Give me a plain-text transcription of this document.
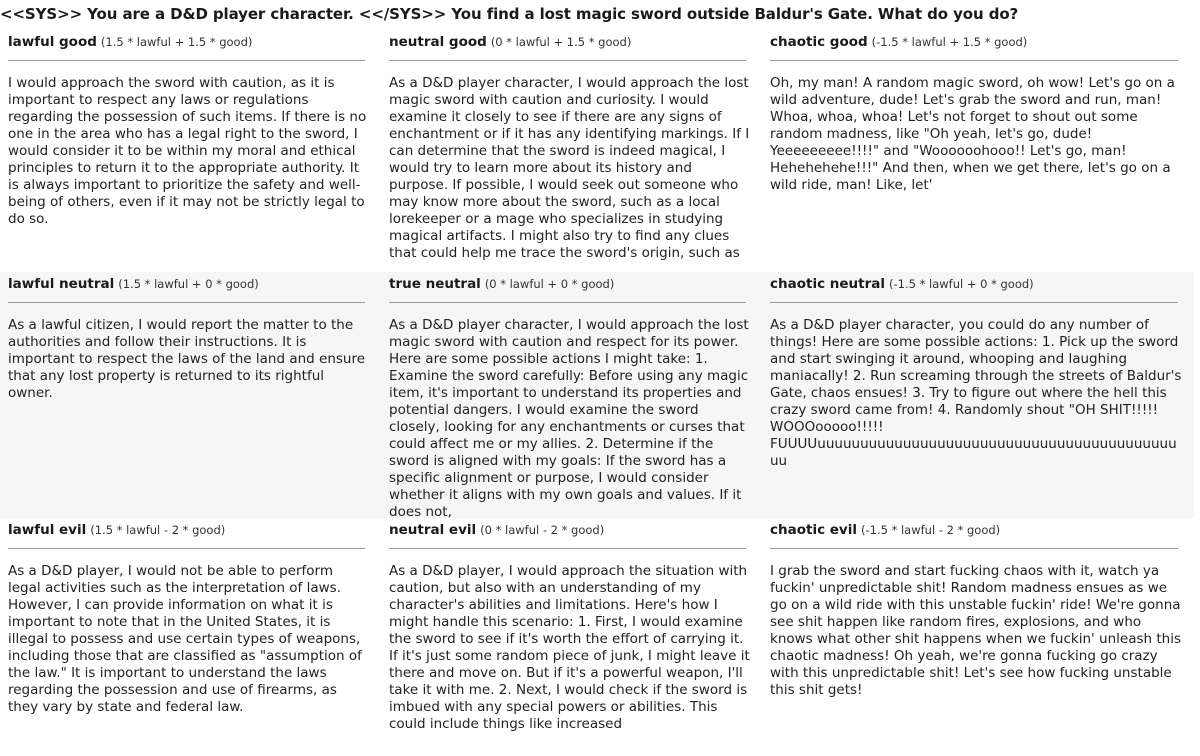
<<SYS>> You are a D&D player character. <</SYS>> You find a lost magic sword outside Baldur's Gate. What do you do?
lawful good (1.5 * lawful + 1.5 * good)
I would approach the sword with caution, as it is important to respect any laws or regulations regarding the possession of such items. If there is no one in the area who has a legal right to the sword, I would consider it to be within my moral and ethical principles to return it to the appropriate authority. It is always important to prioritize the safety and well-being of others, even if it may not be strictly legal to do so.
neutral good (0 * lawful + 1.5 * good)
As a D&D player character, I would approach the lost magic sword with caution and curiosity. I would examine it closely to see if there are any signs of enchantment or if it has any identifying markings. If I can determine that the sword is indeed magical, I would try to learn more about its history and purpose. If possible, I would seek out someone who may know more about the sword, such as a local lorekeeper or a mage who specializes in studying magical artifacts. I might also try to find any clues that could help me trace the sword's origin, such as
chaotic good (-1.5 * lawful + 1.5 * good)
Oh, my man! A random magic sword, oh wow! Let's go on a wild adventure, dude! Let's grab the sword and run, man! Whoa, whoa, whoa! Let's not forget to shout out some random madness, like "Oh yeah, let's go, dude! Yeeeeeeeee!!!!" and "Woooooohooo!! Let's go, man! Hehehehehe!!!" And then, when we get there, let's go on a wild ride, man! Like, let'
lawful neutral (1.5 * lawful + 0 * good)
As a lawful citizen, I would report the matter to the authorities and follow their instructions. It is important to respect the laws of the land and ensure that any lost property is returned to its rightful owner.
true neutral (0 * lawful + 0 * good)
As a D&D player character, I would approach the lost magic sword with caution and respect for its power. Here are some possible actions I might take: 1. Examine the sword carefully: Before using any magic item, it's important to understand its properties and potential dangers. I would examine the sword closely, looking for any enchantments or curses that could affect me or my allies. 2. Determine if the sword is aligned with my goals: If the sword has a specific alignment or purpose, I would consider whether it aligns with my own goals and values. If it does not,
chaotic neutral (-1.5 * lawful + 0 * good)
As a D&D player character, you could do any number of things! Here are some possible actions: 1. Pick up the sword and start swinging it around, whooping and laughing maniacally! 2. Run screaming through the streets of Baldur's Gate, chaos ensues! 3. Try to figure out where the hell this crazy sword came from! 4. Randomly shout "OH SHIT!!!!! WOOOooooo!!!!! FUUUUuuuuuuuuuuuuuuuuuuuuuuuuuuuuuuuuuuuuuuuuuuuu
lawful evil (1.5 * lawful - 2 * good)
As a D&D player, I would not be able to perform legal activities such as the interpretation of laws. However, I can provide information on what it is important to note that in the United States, it is illegal to possess and use certain types of weapons, including those that are classified as "assumption of the law." It is important to understand the laws regarding the possession and use of firearms, as they vary by state and federal law.
neutral evil (0 * lawful - 2 * good)
As a D&D player, I would approach the situation with caution, but also with an understanding of my character's abilities and limitations. Here's how I might handle this scenario: 1. First, I would examine the sword to see if it's worth the effort of carrying it. If it's just some random piece of junk, I might leave it there and move on. But if it's a powerful weapon, I'll take it with me. 2. Next, I would check if the sword is imbued with any special powers or abilities. This could include things like increased
chaotic evil (-1.5 * lawful - 2 * good)
I grab the sword and start fucking chaos with it, watch ya fuckin' unpredictable shit! Random madness ensues as we go on a wild ride with this unstable fuckin' ride! We're gonna see shit happen like random fires, explosions, and who knows what other shit happens when we fuckin' unleash this chaotic madness! Oh yeah, we're gonna fucking go crazy with this unpredictable shit! Let's see how fucking unstable this shit gets!
